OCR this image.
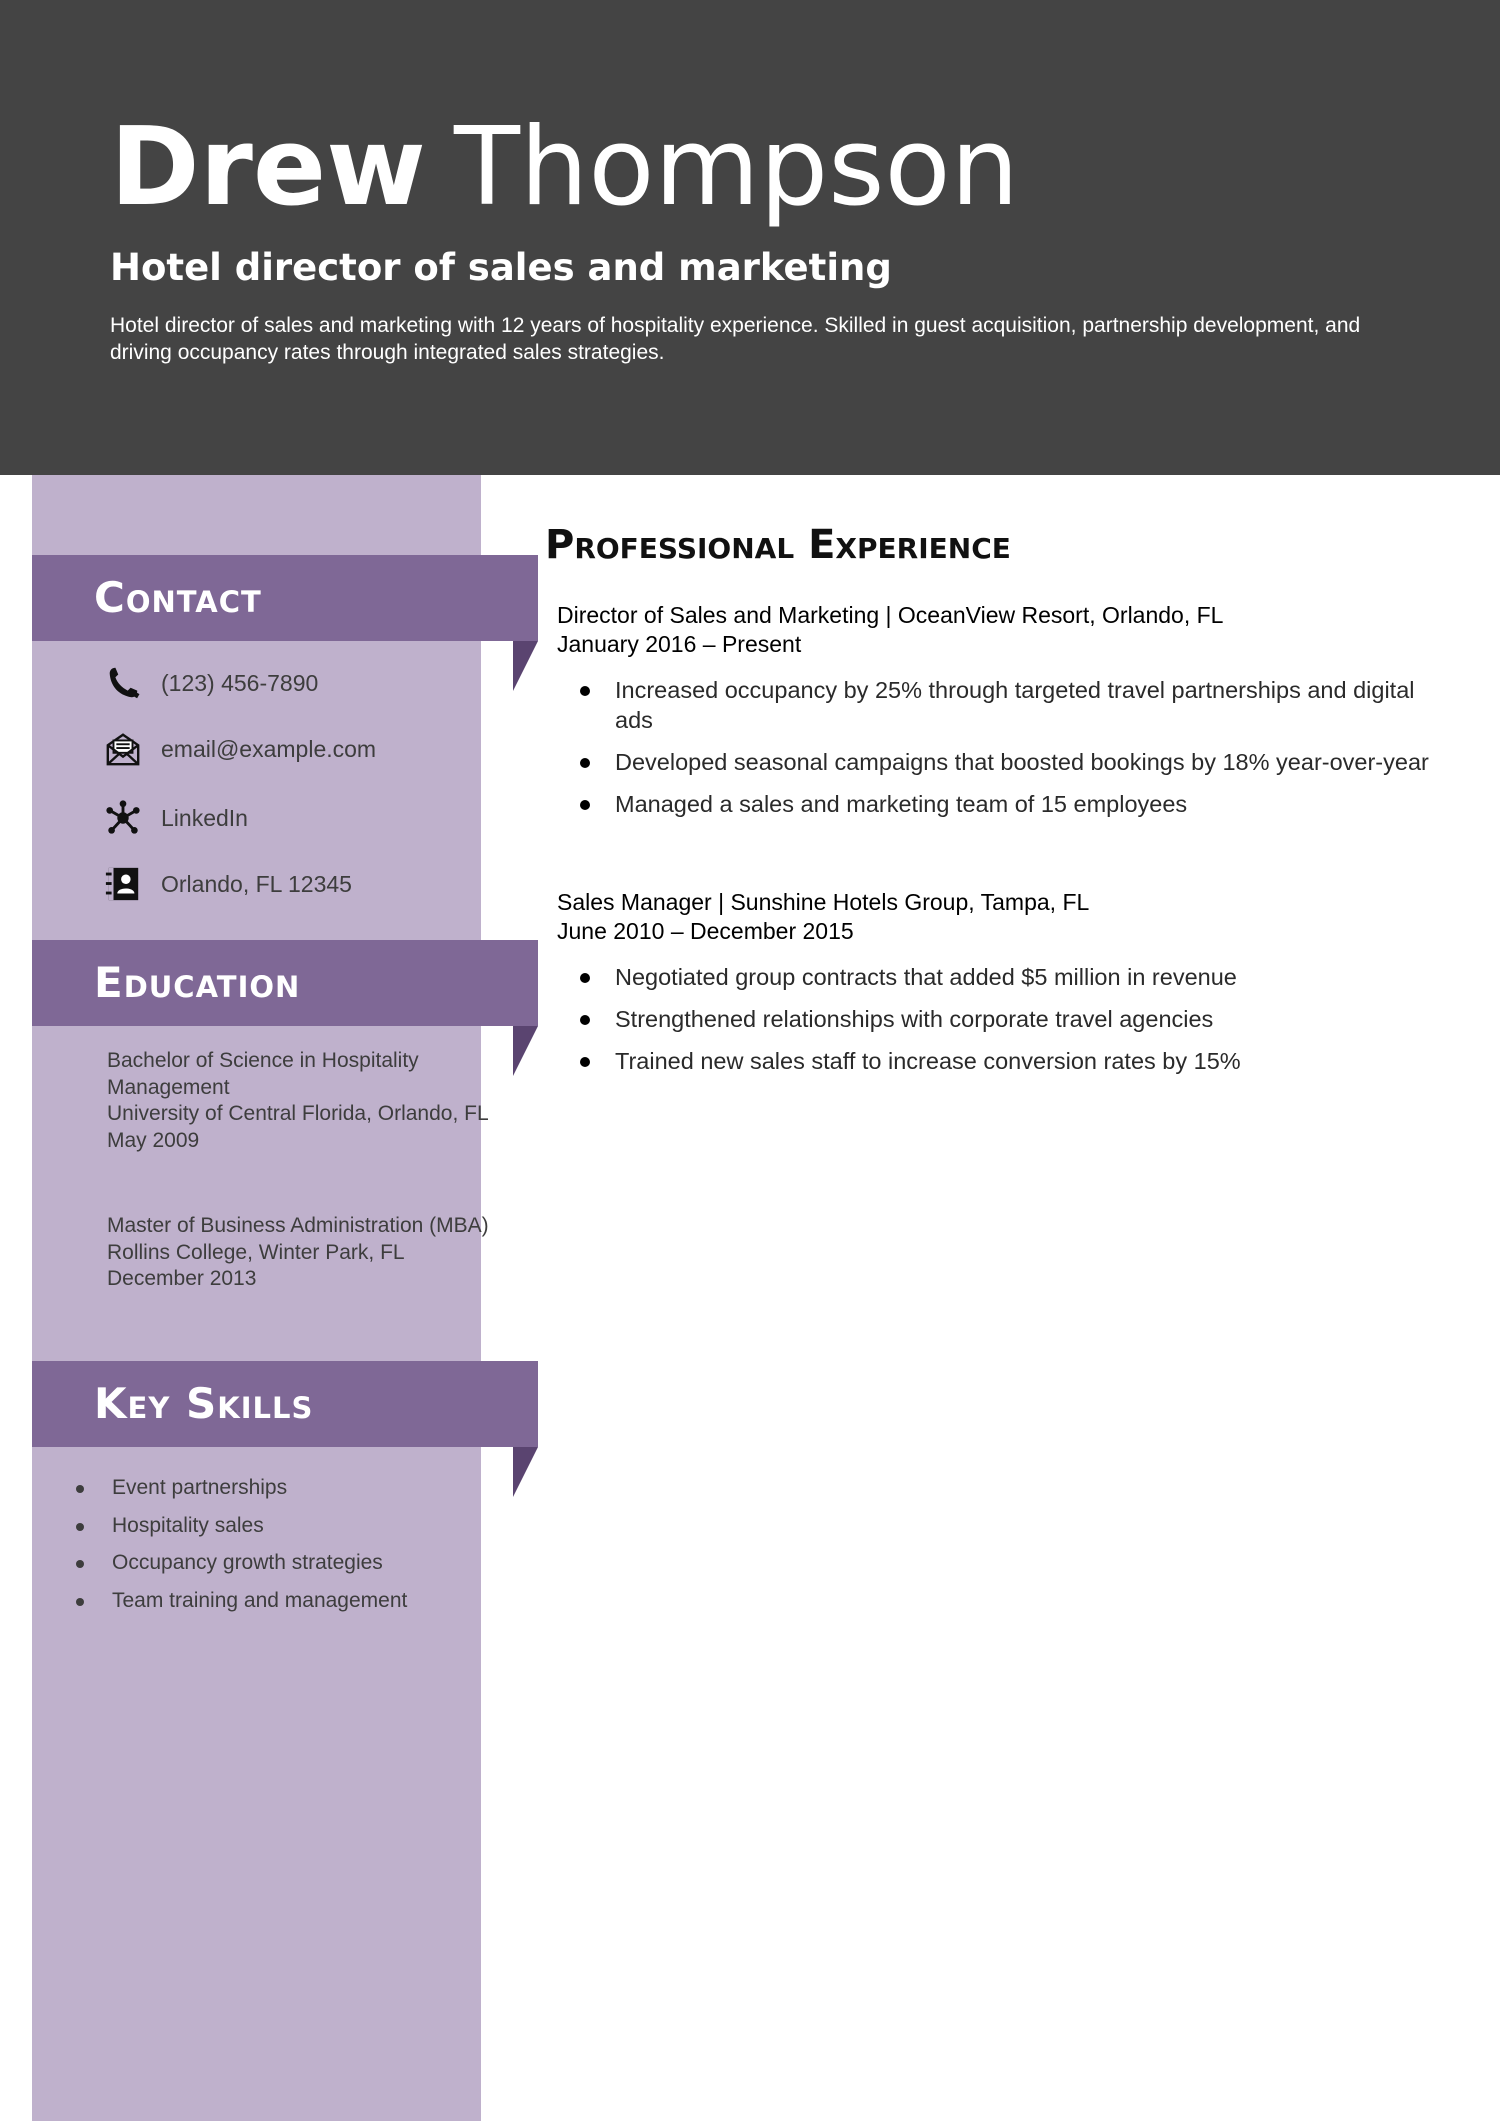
Drew Thompson
Hotel director of sales and marketing

Hotel director of sales and marketing with 12 years of hospitality experience. Skilled in guest acquisition, partnership development, and driving occupancy rates through integrated sales strategies.

Contact
(123) 456-7890
email@example.com
LinkedIn
Orlando, FL 12345
Education
Bachelor of Science in Hospitality Management
University of Central Florida, Orlando, FL
May 2009
Master of Business Administration (MBA)
Rollins College, Winter Park, FL
December 2013
Key Skills
Event partnerships
Hospitality sales
Occupancy growth strategies
Team training and management
Professional Experience
Director of Sales and Marketing | OceanView Resort, Orlando, FL
January 2016 – Present
Increased occupancy by 25% through targeted travel partnerships and digital ads
Developed seasonal campaigns that boosted bookings by 18% year-over-year
Managed a sales and marketing team of 15 employees
Sales Manager | Sunshine Hotels Group, Tampa, FL
June 2010 – December 2015
Negotiated group contracts that added $5 million in revenue
Strengthened relationships with corporate travel agencies
Trained new sales staff to increase conversion rates by 15%
